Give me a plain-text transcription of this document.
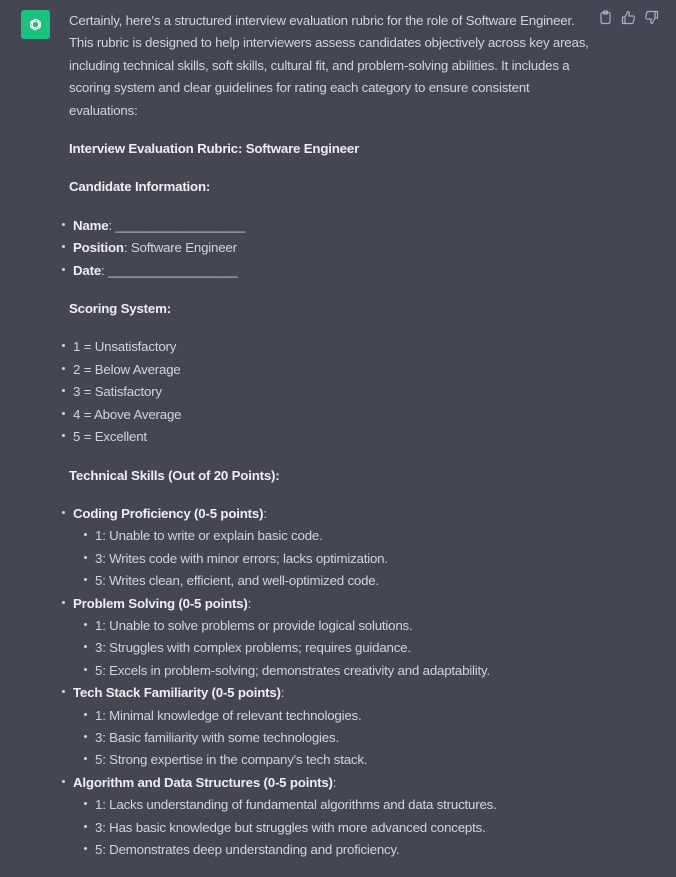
Certainly, here's a structured interview evaluation rubric for the role of Software Engineer. This rubric is designed to help interviewers assess candidates objectively across key areas, including technical skills, soft skills, cultural fit, and problem-solving abilities. It includes a scoring system and clear guidelines for rating each category to ensure consistent evaluations:

Interview Evaluation Rubric: Software Engineer

Candidate Information:

Name: __________________
Position: Software Engineer
Date: __________________

Scoring System:

1 = Unsatisfactory
2 = Below Average
3 = Satisfactory
4 = Above Average
5 = Excellent

Technical Skills (Out of 20 Points):

Coding Proficiency (0-5 points):
1: Unable to write or explain basic code.
3: Writes code with minor errors; lacks optimization.
5: Writes clean, efficient, and well-optimized code.
Problem Solving (0-5 points):
1: Unable to solve problems or provide logical solutions.
3: Struggles with complex problems; requires guidance.
5: Excels in problem-solving; demonstrates creativity and adaptability.
Tech Stack Familiarity (0-5 points):
1: Minimal knowledge of relevant technologies.
3: Basic familiarity with some technologies.
5: Strong expertise in the company's tech stack.
Algorithm and Data Structures (0-5 points):
1: Lacks understanding of fundamental algorithms and data structures.
3: Has basic knowledge but struggles with more advanced concepts.
5: Demonstrates deep understanding and proficiency.
